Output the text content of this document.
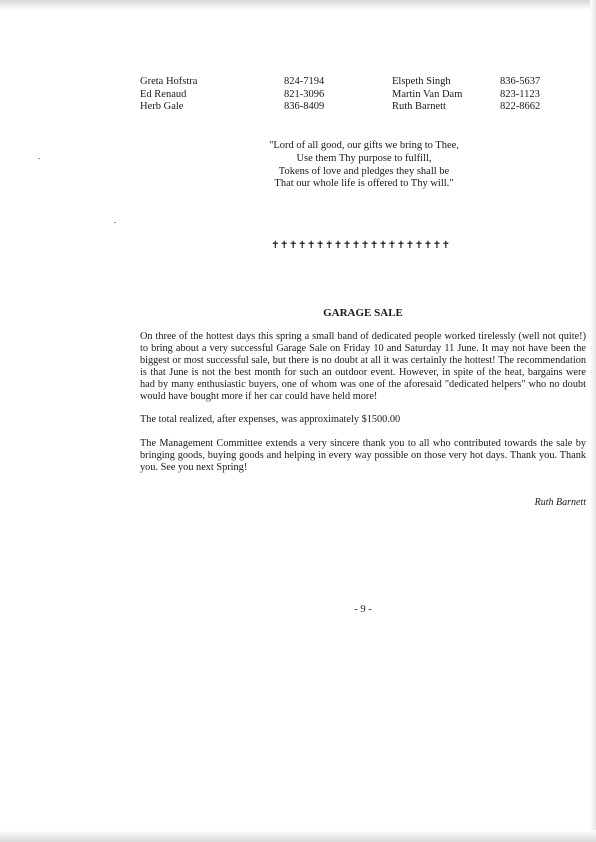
Greta Hofstra	824-7194	Elspeth Singh	836-5637
Ed Renaud	821-3096	Martin Van Dam	823-1123
Herb Gale	836-8409	Ruth Barnett	822-8662
"Lord of all good, our gifts we bring to Thee,
Use them Thy purpose to fulfill,
Tokens of love and pledges they shall be
That our whole life is offered to Thy will."
✝✝✝✝✝✝✝✝✝✝✝✝✝✝✝✝✝✝✝✝
GARAGE SALE

On three of the hottest days this spring a small band of dedicated people worked tirelessly (well not quite!) to bring about a very successful Garage Sale on Friday 10 and Saturday 11 June. It may not have been the biggest or most successful sale, but there is no doubt at all it was certainly the hottest! The recommendation is that June is not the best month for such an outdoor event. However, in spite of the heat, bargains were had by many enthusiastic buyers, one of whom was one of the aforesaid "dedicated helpers" who no doubt would have bought more if her car could have held more!

The total realized, after expenses, was approximately $1500.00

The Management Committee extends a very sincere thank you to all who contributed towards the sale by bringing goods, buying goods and helping in every way possible on those very hot days. Thank you. Thank you. See you next Spring!

Ruth Barnett
- 9 -
